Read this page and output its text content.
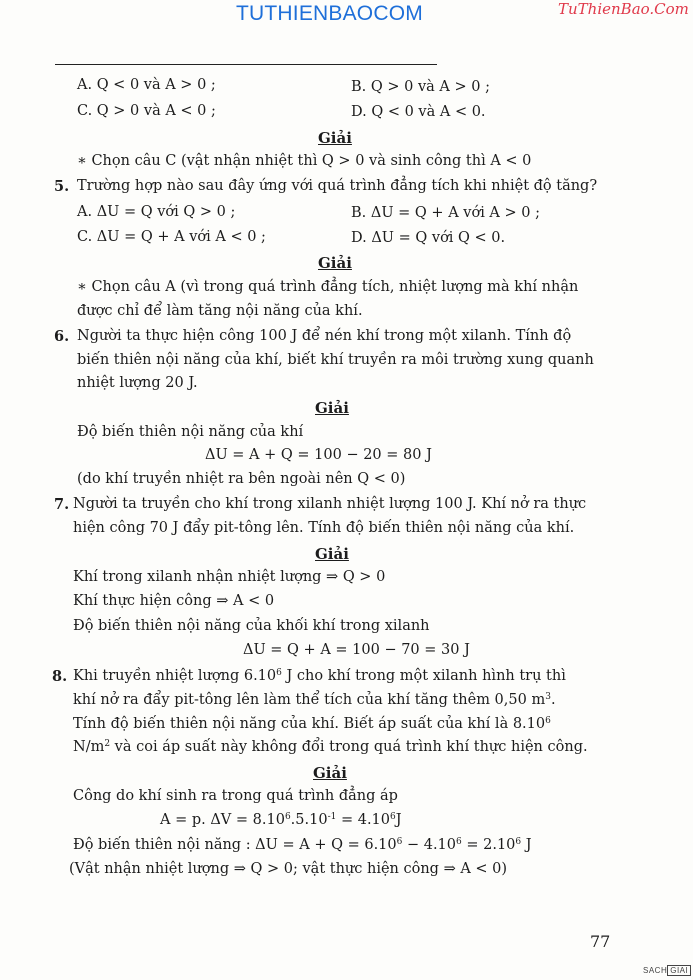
TUTHIENBAOCOM	TuThienBao.Com
A. Q < 0 và A > 0 ;	B. Q > 0 và A > 0 ;
C. Q > 0 và A < 0 ;	D. Q < 0 và A < 0.
Giải
∗ Chọn câu C (vật nhận nhiệt thì Q > 0 và sinh công thì A < 0
5. Trường hợp nào sau đây ứng với quá trình đẳng tích khi nhiệt độ tăng?
A. ΔU = Q với Q > 0 ;	B. ΔU = Q + A với A > 0 ;
C. ΔU = Q + A với A < 0 ;	D. ΔU = Q với Q < 0.
Giải
∗ Chọn câu A (vì trong quá trình đẳng tích, nhiệt lượng mà khí nhận
được chỉ để làm tăng nội năng của khí.
6. Người ta thực hiện công 100 J để nén khí trong một xilanh. Tính độ
biến thiên nội năng của khí, biết khí truyền ra môi trường xung quanh
nhiệt lượng 20 J.
Giải
Độ biến thiên nội năng của khí
ΔU = A + Q = 100 − 20 = 80 J
(do khí truyền nhiệt ra bên ngoài nên Q < 0)
7. Người ta truyền cho khí trong xilanh nhiệt lượng 100 J. Khí nở ra thực
hiện công 70 J đẩy pit-tông lên. Tính độ biến thiên nội năng của khí.
Giải
Khí trong xilanh nhận nhiệt lượng ⇒ Q > 0
Khí thực hiện công ⇒ A < 0
Độ biến thiên nội năng của khối khí trong xilanh
ΔU = Q + A = 100 − 70 = 30 J
8. Khi truyền nhiệt lượng 6.10$^6$ J cho khí trong một xilanh hình trụ thì
khí nở ra đẩy pit-tông lên làm thể tích của khí tăng thêm 0,50 $m^3$.
Tính độ biến thiên nội năng của khí. Biết áp suất của khí là 8.10$^6$
$N/m^2$ và coi áp suất này không đổi trong quá trình khí thực hiện công.
Giải
Công do khí sinh ra trong quá trình đẳng áp
A = p. $\Delta V = 8.10^6.5.10^{-1} = 4.10^6J$
Độ biến thiên nội năng : $\Delta U = A + Q = 6.10^6 - 4.10^6 = 2.10^6$ J
(Vật nhận nhiệt lượng ⇒ Q > 0; vật thực hiện công ⇒ A < 0)
77
SACH GIAI
